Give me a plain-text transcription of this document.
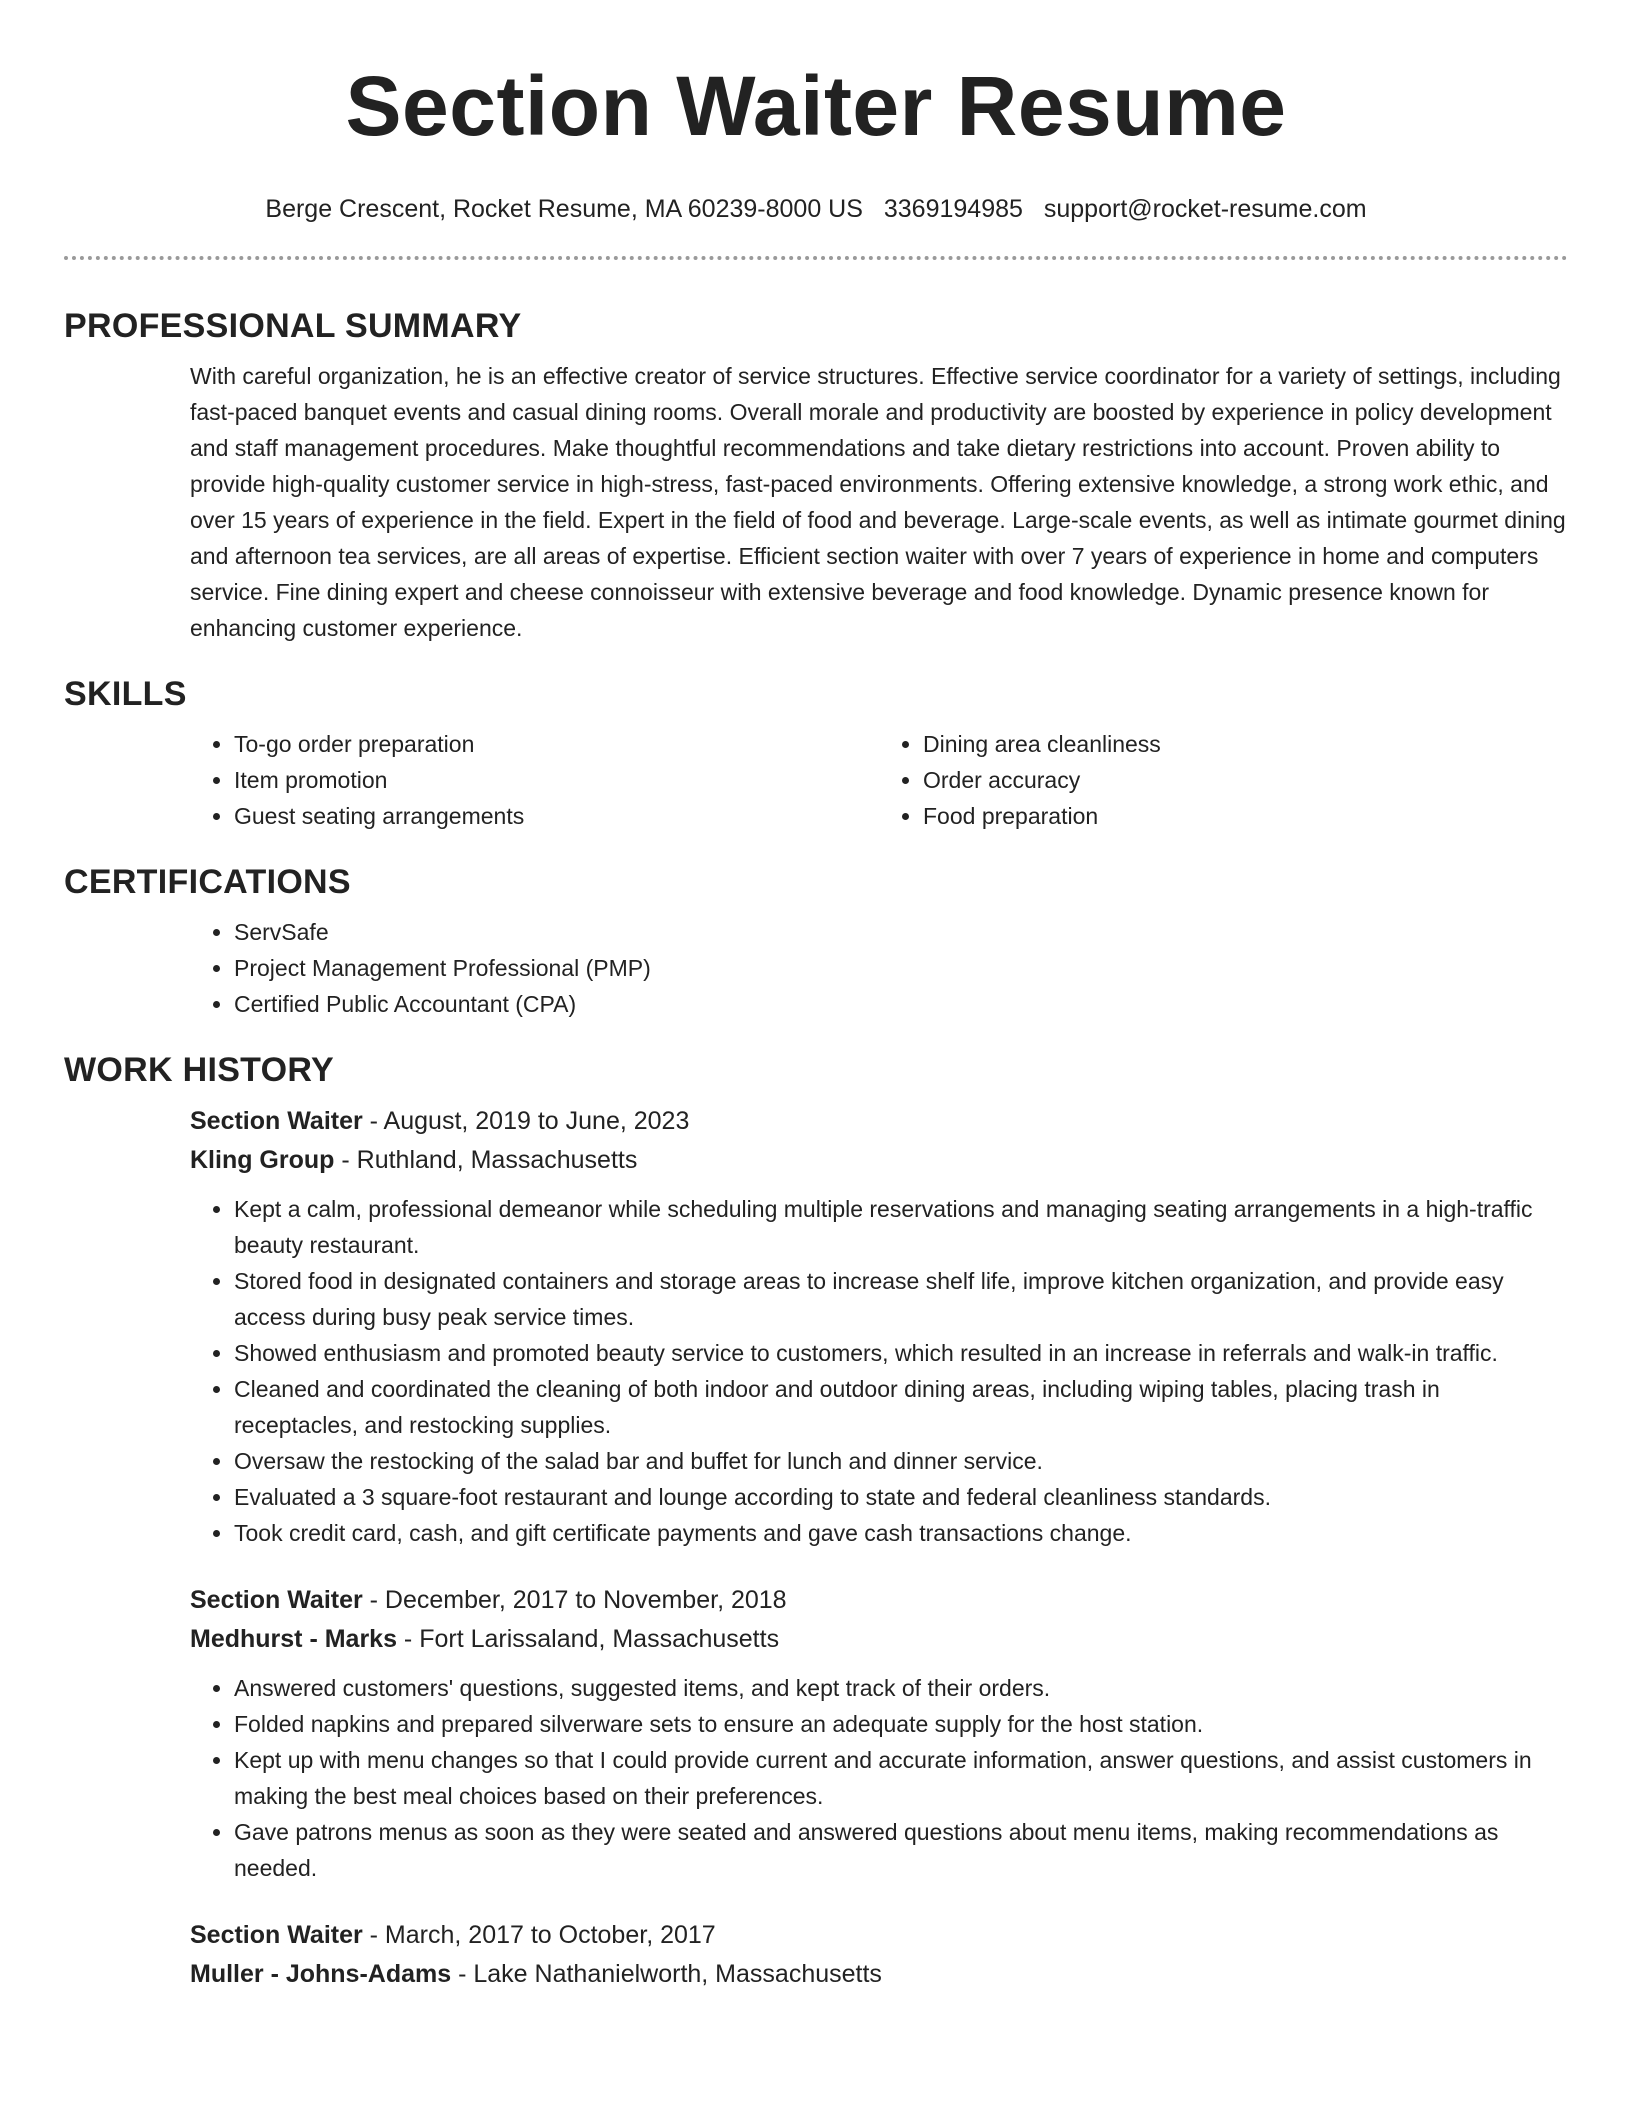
Section Waiter Resume
Berge Crescent, Rocket Resume, MA 60239-8000 US 3369194985 support@rocket-resume.com
PROFESSIONAL SUMMARY
With careful organization, he is an effective creator of service structures. Effective service coordinator for a variety of settings, including fast-paced banquet events and casual dining rooms. Overall morale and productivity are boosted by experience in policy development and staff management procedures. Make thoughtful recommendations and take dietary restrictions into account. Proven ability to provide high-quality customer service in high-stress, fast-paced environments. Offering extensive knowledge, a strong work ethic, and over 15 years of experience in the field. Expert in the field of food and beverage. Large-scale events, as well as intimate gourmet dining and afternoon tea services, are all areas of expertise. Efficient section waiter with over 7 years of experience in home and computers service. Fine dining expert and cheese connoisseur with extensive beverage and food knowledge. Dynamic presence known for enhancing customer experience.
SKILLS
• To-go order preparation
• Item promotion
• Guest seating arrangements
• Dining area cleanliness
• Order accuracy
• Food preparation
CERTIFICATIONS
• ServSafe
• Project Management Professional (PMP)
• Certified Public Accountant (CPA)
WORK HISTORY
Section Waiter - August, 2019 to June, 2023
Kling Group - Ruthland, Massachusetts
• Kept a calm, professional demeanor while scheduling multiple reservations and managing seating arrangements in a high-traffic beauty restaurant.
• Stored food in designated containers and storage areas to increase shelf life, improve kitchen organization, and provide easy access during busy peak service times.
• Showed enthusiasm and promoted beauty service to customers, which resulted in an increase in referrals and walk-in traffic.
• Cleaned and coordinated the cleaning of both indoor and outdoor dining areas, including wiping tables, placing trash in receptacles, and restocking supplies.
• Oversaw the restocking of the salad bar and buffet for lunch and dinner service.
• Evaluated a 3 square-foot restaurant and lounge according to state and federal cleanliness standards.
• Took credit card, cash, and gift certificate payments and gave cash transactions change.
Section Waiter - December, 2017 to November, 2018
Medhurst - Marks - Fort Larissaland, Massachusetts
• Answered customers' questions, suggested items, and kept track of their orders.
• Folded napkins and prepared silverware sets to ensure an adequate supply for the host station.
• Kept up with menu changes so that I could provide current and accurate information, answer questions, and assist customers in making the best meal choices based on their preferences.
• Gave patrons menus as soon as they were seated and answered questions about menu items, making recommendations as needed.
Section Waiter - March, 2017 to October, 2017
Muller - Johns-Adams - Lake Nathanielworth, Massachusetts
